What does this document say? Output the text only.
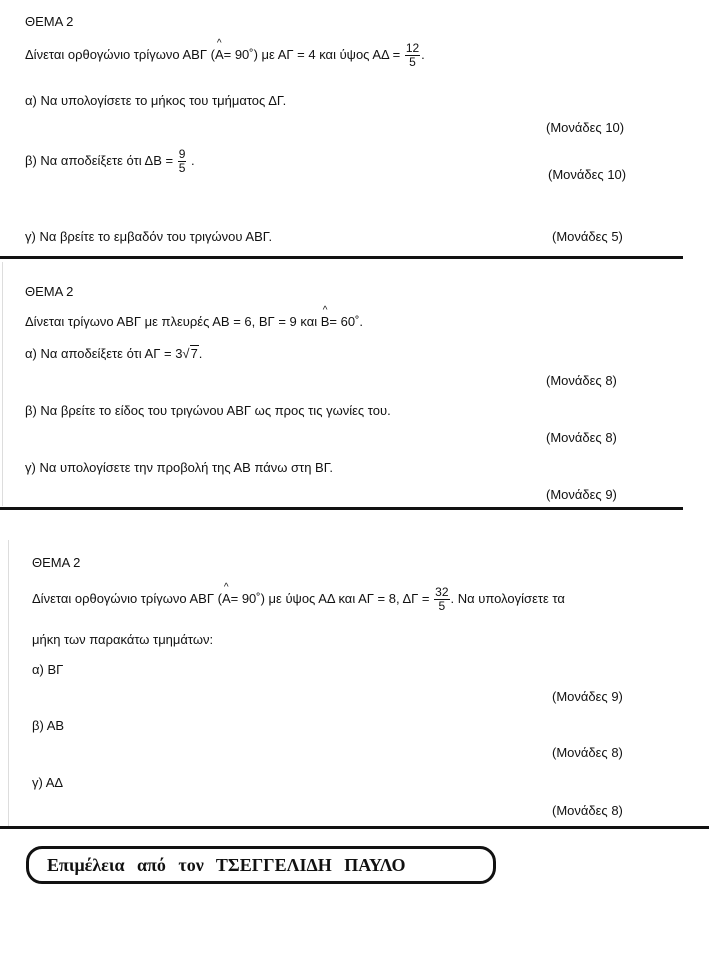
ΘΕΜΑ 2
Δίνεται ορθογώνιο τρίγωνο ΑΒΓ (^ Α= 90˚) με ΑΓ = 4 και ύψος $A\Delta = \frac{12}{5}$ .
α) Να υπολογίσετε το μήκος του τμήματος ΔΓ.
(Μονάδες 10)
β) Να αποδείξετε ότι $\Delta B = \frac{9}{5}$ .
(Μονάδες 10)
γ) Να βρείτε το εμβαδόν του τριγώνου ΑΒΓ.	(Μονάδες 5)
ΘΕΜΑ 2
Δίνεται τρίγωνο ΑΒΓ με πλευρές ΑΒ = 6, ΒΓ = 9 και ^ Β= 60˚.
α) Να αποδείξετε ότι ΑΓ = 3√7.
(Μονάδες 8)
β) Να βρείτε το είδος του τριγώνου ΑΒΓ ως προς τις γωνίες του.
(Μονάδες 8)
γ) Να υπολογίσετε την προβολή της ΑΒ πάνω στη ΒΓ.
(Μονάδες 9)
ΘΕΜΑ 2
Δίνεται ορθογώνιο τρίγωνο ΑΒΓ (^ Α= 90˚) με ύψος ΑΔ και ΑΓ = 8, $\Delta\Gamma = \frac{32}{5}$ . Να υπολογίσετε τα
μήκη των παρακάτω τμημάτων:
α) ΒΓ
(Μονάδες 9)
β) ΑΒ
(Μονάδες 8)
γ) ΑΔ
(Μονάδες 8)
Επιμέλεια από τον ΤΣΕΓΓΕΛΙΔΗ ΠΑΥΛΟ
